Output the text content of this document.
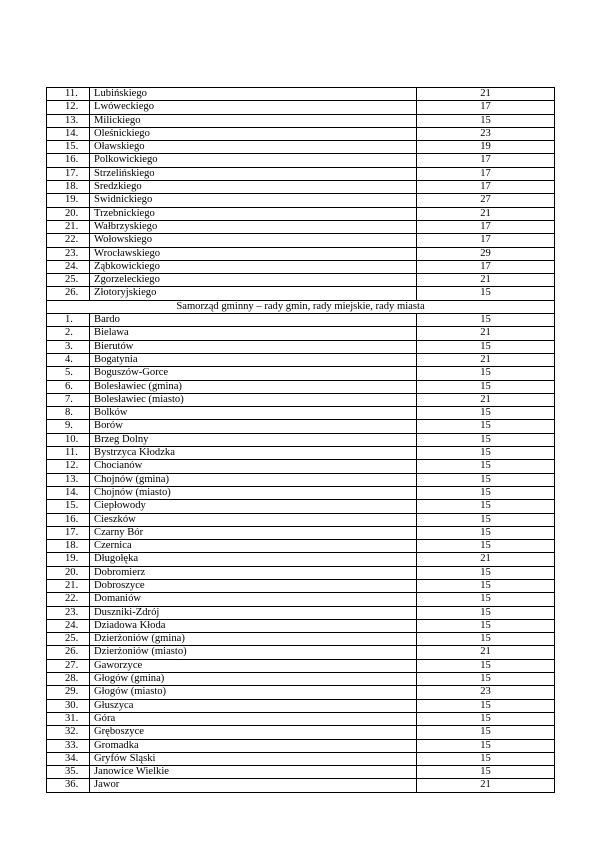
11.	Lubińskiego	21
12.	Lwóweckiego	17
13.	Milickiego	15
14.	Oleśnickiego	23
15.	Oławskiego	19
16.	Polkowickiego	17
17.	Strzelińskiego	17
18.	Średzkiego	17
19.	Świdnickiego	27
20.	Trzebnickiego	21
21.	Wałbrzyskiego	17
22.	Wołowskiego	17
23.	Wrocławskiego	29
24.	Ząbkowickiego	17
25.	Zgorzeleckiego	21
26.	Złotoryjskiego	15
Samorząd gminny – rady gmin, rady miejskie, rady miasta		
1.	Bardo	15
2.	Bielawa	21
3.	Bierutów	15
4.	Bogatynia	21
5.	Boguszów-Gorce	15
6.	Bolesławiec (gmina)	15
7.	Bolesławiec (miasto)	21
8.	Bolków	15
9.	Borów	15
10.	Brzeg Dolny	15
11.	Bystrzyca Kłodzka	15
12.	Chocianów	15
13.	Chojnów (gmina)	15
14.	Chojnów (miasto)	15
15.	Ciepłowody	15
16.	Cieszków	15
17.	Czarny Bór	15
18.	Czernica	15
19.	Długołęka	21
20.	Dobromierz	15
21.	Dobroszyce	15
22.	Domaniów	15
23.	Duszniki-Zdrój	15
24.	Dziadowa Kłoda	15
25.	Dzierżoniów (gmina)	15
26.	Dzierżoniów (miasto)	21
27.	Gaworzyce	15
28.	Głogów (gmina)	15
29.	Głogów (miasto)	23
30.	Głuszyca	15
31.	Góra	15
32.	Gręboszyce	15
33.	Gromadka	15
34.	Gryfów Śląski	15
35.	Janowice Wielkie	15
36.	Jawor	21
